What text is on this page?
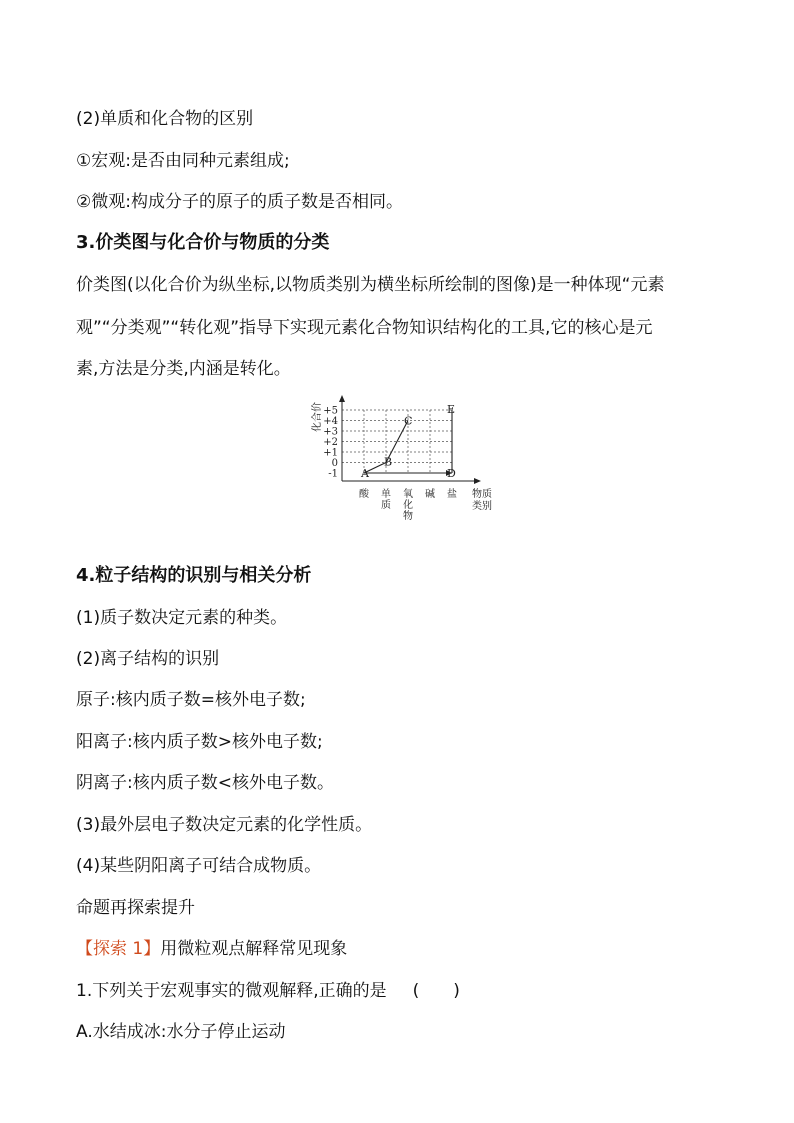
(2)单质和化合物的区别
①宏观:是否由同种元素组成;
②微观:构成分子的原子的质子数是否相同。
3.价类图与化合价与物质的分类
价类图(以化合价为纵坐标,以物质类别为横坐标所绘制的图像)是一种体现“元素
观”“分类观”“转化观”指导下实现元素化合物知识结构化的工具,它的核心是元
素,方法是分类,内涵是转化。
A
B
C
D
E
+5
+4
+3
+2
+1
0
-1
酸 单
质
氧
化
物
碱 盐
化合价
物质
类别
4.粒子结构的识别与相关分析
(1)质子数决定元素的种类。
(2)离子结构的识别
原子:核内质子数=核外电子数;
阳离子:核内质子数>核外电子数;
阴离子:核内质子数<核外电子数。
(3)最外层电子数决定元素的化学性质。
(4)某些阴阳离子可结合成物质。
命题再探索提升
【探索 1】用微粒观点解释常见现象
1.下列关于宏观事实的微观解释,正确的是 (　　)
A.水结成冰:水分子停止运动
